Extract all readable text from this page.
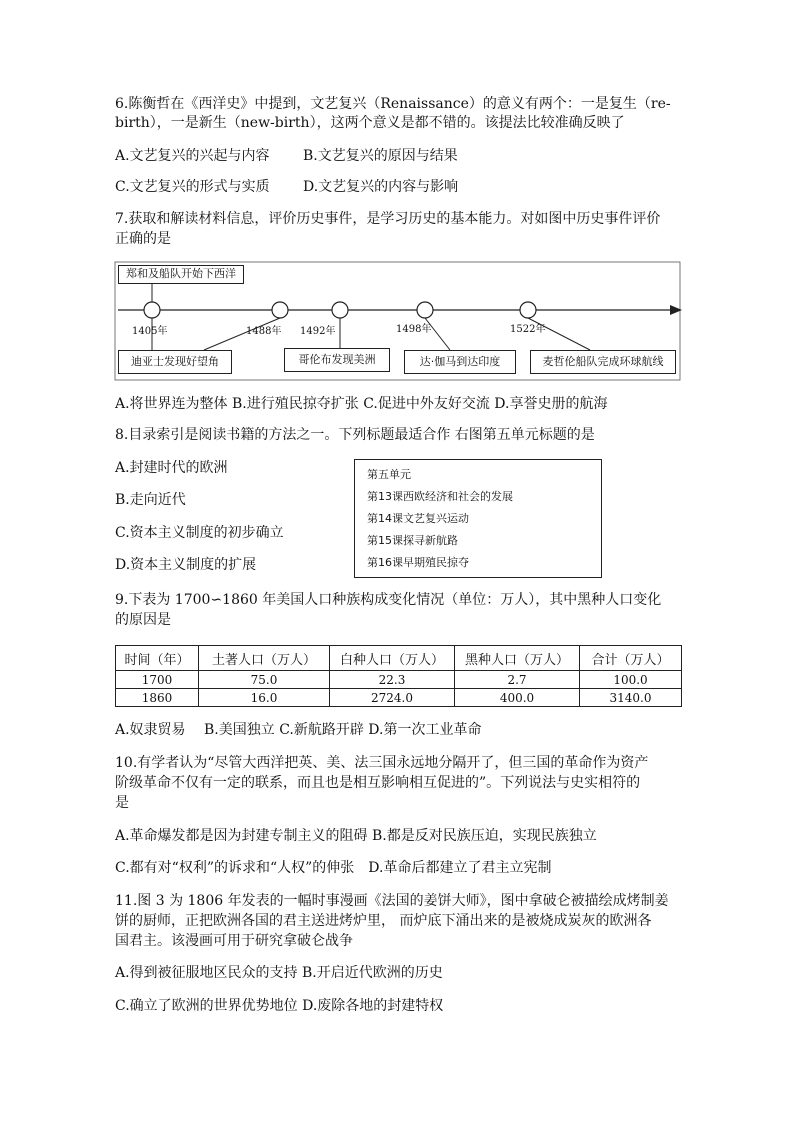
6.陈衡哲在《西洋史》中提到，文艺复兴（Renaissance）的意义有两个：一是复生（re-
birth），一是新生（new-birth），这两个意义是都不错的。该提法比较准确反映了
A.文艺复兴的兴起与内容 B.文艺复兴的原因与结果
C.文艺复兴的形式与实质 D.文艺复兴的内容与影响
7.获取和解读材料信息，评价历史事件，是学习历史的基本能力。对如图中历史事件评价
正确的是
郑和及船队开始下西洋
1405年	1488年 1492年	1498年	1522年
迪亚士发现好望角	哥伦布发现美洲	达·伽马到达印度	麦哲伦船队完成环球航线
A.将世界连为整体 B.进行殖民掠夺扩张 C.促进中外友好交流 D.享誉史册的航海
8.目录索引是阅读书籍的方法之一。下列标题最适合作 右图第五单元标题的是
A.封建时代的欧洲
B.走向近代
C.资本主义制度的初步确立
D.资本主义制度的扩展
第五单元
第13课西欧经济和社会的发展
第14课文艺复兴运动
第15课探寻新航路
第16课早期殖民掠夺
9.下表为 1700∽1860 年美国人口种族构成变化情况（单位：万人），其中黑种人口变化
的原因是
时间（年）	土著人口（万人）	白种人口（万人）	黑种人口（万人）	合计（万人）
1700	75.0	22.3	2.7	100.0
1860	16.0	2724.0	400.0	3140.0
A.奴隶贸易　 B.美国独立 C.新航路开辟 D.第一次工业革命
10.有学者认为“尽管大西洋把英、美、法三国永远地分隔开了，但三国的革命作为资产
阶级革命不仅有一定的联系，而且也是相互影响相互促进的”。下列说法与史实相符的
是
A.革命爆发都是因为封建专制主义的阻碍 B.都是反对民族压迫，实现民族独立
C.都有对“权利”的诉求和“人权”的伸张　D.革命后都建立了君主立宪制
11.图 3 为 1806 年发表的一幅时事漫画《法国的姜饼大师》，图中拿破仑被描绘成烤制姜
饼的厨师，正把欧洲各国的君主送进烤炉里， 而炉底下涌出来的是被烧成炭灰的欧洲各
国君主。该漫画可用于研究拿破仑战争
A.得到被征服地区民众的支持 B.开启近代欧洲的历史
C.确立了欧洲的世界优势地位 D.废除各地的封建特权
